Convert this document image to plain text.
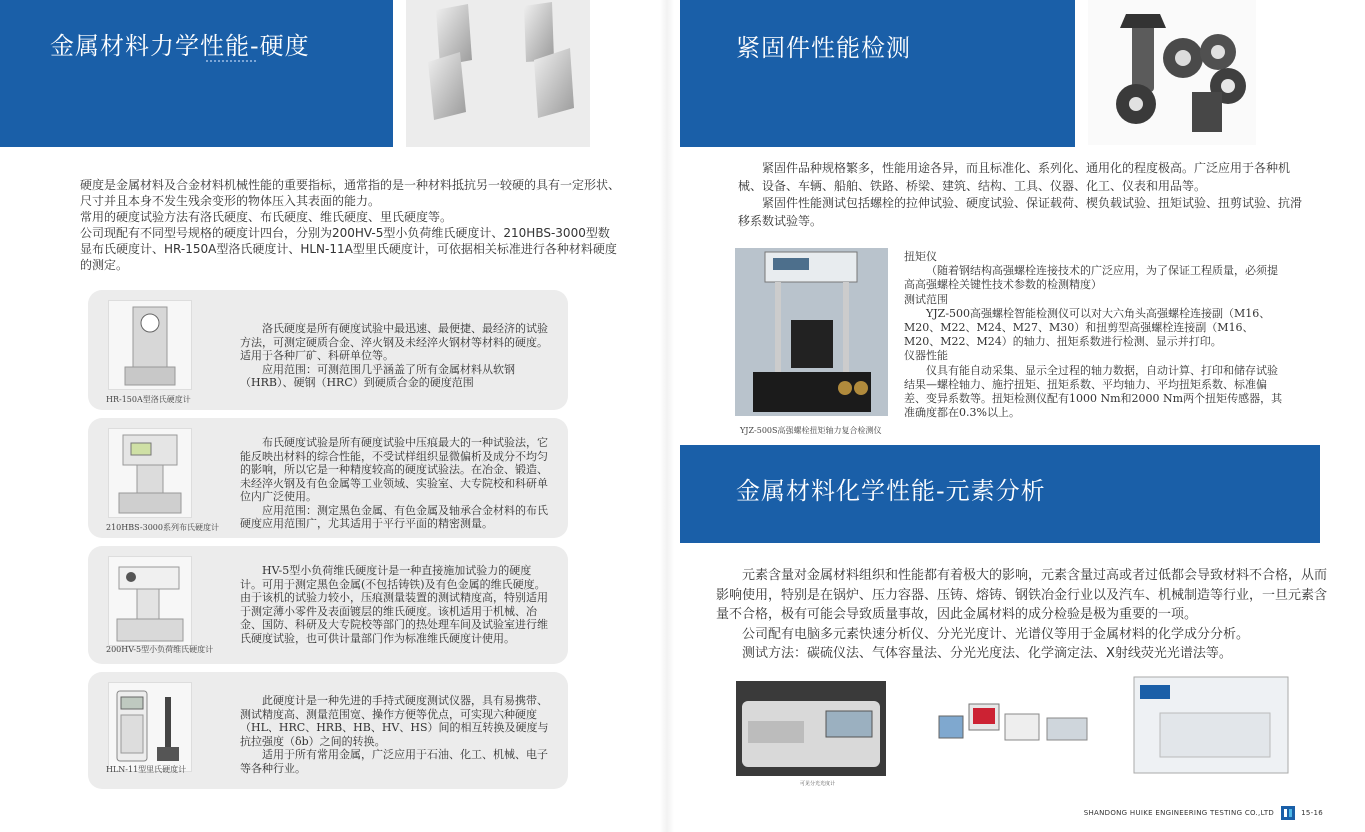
金属材料力学性能-硬度

硬度是金属材料及合金材料机械性能的重要指标，通常指的是一种材料抵抗另一较硬的具有一定形状、尺寸并且本身不发生残余变形的物体压入其表面的能力。

常用的硬度试验方法有洛氏硬度、布氏硬度、维氏硬度、里氏硬度等。

公司现配有不同型号规格的硬度计四台，分别为200HV-5型小负荷维氏硬度计、210HBS-3000型数显布氏硬度计、HR-150A型洛氏硬度计、HLN-11A型里氏硬度计，可依据相关标准进行各种材料硬度的测定。

HR-150A型洛氏硬度计

洛氏硬度是所有硬度试验中最迅速、最便捷、最经济的试验方法，可测定硬质合金、淬火钢及未经淬火钢材等材料的硬度。适用于各种厂矿、科研单位等。

应用范围：可测范围几乎涵盖了所有金属材料从软钢（HRB）、硬钢（HRC）到硬质合金的硬度范围

210HBS-3000系列布氏硬度计

布氏硬度试验是所有硬度试验中压痕最大的一种试验法，它能反映出材料的综合性能，不受试样组织显微偏析及成分不均匀的影响，所以它是一种精度较高的硬度试验法。在冶金、锻造、未经淬火钢及有色金属等工业领域、实验室、大专院校和科研单位内广泛使用。

应用范围：测定黑色金属、有色金属及轴承合金材料的布氏硬度应用范围广，尤其适用于平行平面的精密测量。

200HV-5型小负荷维氏硬度计

HV-5型小负荷维氏硬度计是一种直接施加试验力的硬度计。可用于测定黑色金属(不包括铸铁)及有色金属的维氏硬度。由于该机的试验力较小，压痕测量装置的测试精度高，特别适用于测定薄小零件及表面镀层的维氏硬度。该机适用于机械、冶金、国防、科研及大专院校等部门的热处理车间及试验室进行维氏硬度试验，也可供计量部门作为标准维氏硬度计使用。

HLN-11型里氏硬度计

此硬度计是一种先进的手持式硬度测试仪器，具有易携带、测试精度高、测量范围宽、操作方便等优点，可实现六种硬度（HL、HRC、HRB、HB、HV、HS）间的相互转换及硬度与抗拉强度（δb）之间的转换。

适用于所有常用金属，广泛应用于石油、化工、机械、电子等各种行业。

紧固件性能检测

紧固件品种规格繁多，性能用途各异，而且标准化、系列化、通用化的程度极高。广泛应用于各种机械、设备、车辆、船舶、铁路、桥梁、建筑、结构、工具、仪器、化工、仪表和用品等。

紧固件性能测试包括螺栓的拉伸试验、硬度试验、保证载荷、楔负载试验、扭矩试验、扭剪试验、抗滑移系数试验等。

YJZ-500S高强螺栓扭矩轴力复合检测仪
扭矩仪
（随着钢结构高强螺栓连接技术的广泛应用，为了保证工程质量，必须提高高强螺栓关键性技术参数的检测精度）
测试范围
YJZ-500高强螺栓智能检测仪可以对大六角头高强螺栓连接副（M16、M20、M22、M24、M27、M30）和扭剪型高强螺栓连接副（M16、M20、M22、M24）的轴力、扭矩系数进行检测、显示并打印。
仪器性能
仪具有能自动采集、显示全过程的轴力数据，自动计算、打印和储存试验结果—螺栓轴力、施拧扭矩、扭矩系数、平均轴力、平均扭矩系数、标准偏差、变异系数等。扭矩检测仪配有1000 Nm和2000 Nm两个扭矩传感器，其准确度都在0.3%以上。
金属材料化学性能-元素分析

元素含量对金属材料组织和性能都有着极大的影响，元素含量过高或者过低都会导致材料不合格，从而影响使用，特别是在锅炉、压力容器、压铸、熔铸、钢铁冶金行业以及汽车、机械制造等行业，一旦元素含量不合格，极有可能会导致质量事故，因此金属材料的成分检验是极为重要的一项。

公司配有电脑多元素快速分析仪、分光光度计、光谱仪等用于金属材料的化学成分分析。

测试方法：碳硫仪法、气体容量法、分光光度法、化学滴定法、X射线荧光光谱法等。

可见分光光度计
SHANDONG HUIKE ENGINEERING TESTING CO.,LTD	15-16
